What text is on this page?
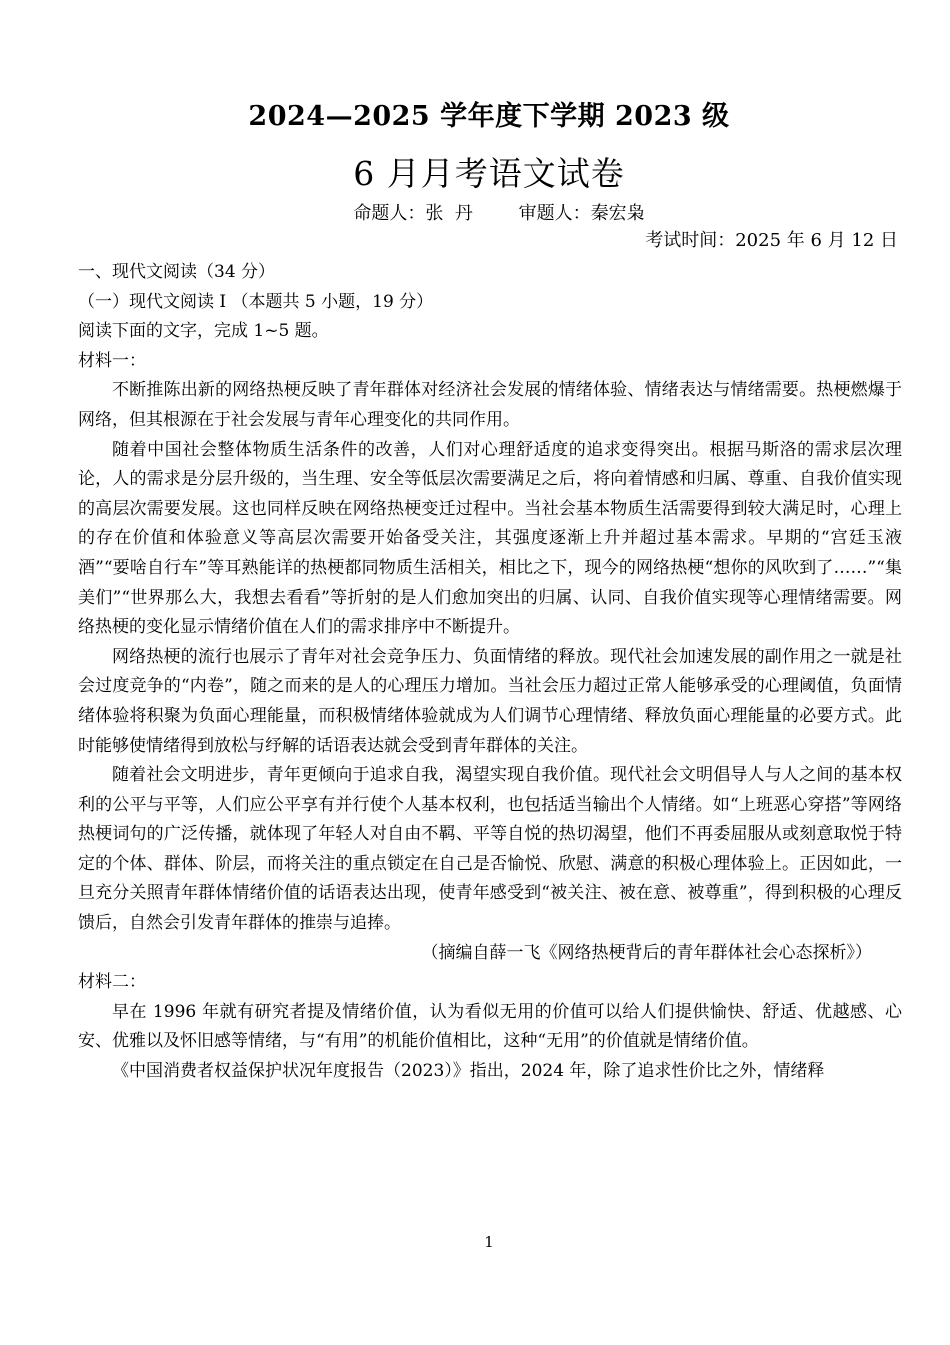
2024—2025 学年度下学期 2023 级
6 月月考语文试卷
命题人：张  丹        审题人：秦宏枭
考试时间：2025 年 6 月 12 日

一、现代文阅读（34 分）

（一）现代文阅读 Ⅰ （本题共 5 小题，19 分）

阅读下面的文字，完成 1~5 题。

材料一：

不断推陈出新的网络热梗反映了青年群体对经济社会发展的情绪体验、情绪表达与情绪需要。热梗燃爆于网络，但其根源在于社会发展与青年心理变化的共同作用。

随着中国社会整体物质生活条件的改善，人们对心理舒适度的追求变得突出。根据马斯洛的需求层次理论，人的需求是分层升级的，当生理、安全等低层次需要满足之后，将向着情感和归属、尊重、自我价值实现的高层次需要发展。这也同样反映在网络热梗变迁过程中。当社会基本物质生活需要得到较大满足时，心理上的存在价值和体验意义等高层次需要开始备受关注，其强度逐渐上升并超过基本需求。早期的“宫廷玉液酒”“要啥自行车”等耳熟能详的热梗都同物质生活相关，相比之下，现今的网络热梗“想你的风吹到了……”“集美们”“世界那么大，我想去看看”等折射的是人们愈加突出的归属、认同、自我价值实现等心理情绪需要。网络热梗的变化显示情绪价值在人们的需求排序中不断提升。

网络热梗的流行也展示了青年对社会竞争压力、负面情绪的释放。现代社会加速发展的副作用之一就是社会过度竞争的“内卷”，随之而来的是人的心理压力增加。当社会压力超过正常人能够承受的心理阈值，负面情绪体验将积聚为负面心理能量，而积极情绪体验就成为人们调节心理情绪、释放负面心理能量的必要方式。此时能够使情绪得到放松与纾解的话语表达就会受到青年群体的关注。

随着社会文明进步，青年更倾向于追求自我，渴望实现自我价值。现代社会文明倡导人与人之间的基本权利的公平与平等，人们应公平享有并行使个人基本权利，也包括适当输出个人情绪。如“上班恶心穿搭”等网络热梗词句的广泛传播，就体现了年轻人对自由不羁、平等自悦的热切渴望，他们不再委屈服从或刻意取悦于特定的个体、群体、阶层，而将关注的重点锁定在自己是否愉悦、欣慰、满意的积极心理体验上。正因如此，一旦充分关照青年群体情绪价值的话语表达出现，使青年感受到“被关注、被在意、被尊重”，得到积极的心理反馈后，自然会引发青年群体的推崇与追捧。

（摘编自薛一飞《网络热梗背后的青年群体社会心态探析》）

材料二：

早在 1996 年就有研究者提及情绪价值，认为看似无用的价值可以给人们提供愉快、舒适、优越感、心安、优雅以及怀旧感等情绪，与“有用”的机能价值相比，这种“无用”的价值就是情绪价值。

《中国消费者权益保护状况年度报告（2023）》指出，2024 年，除了追求性价比之外，情绪释

1
